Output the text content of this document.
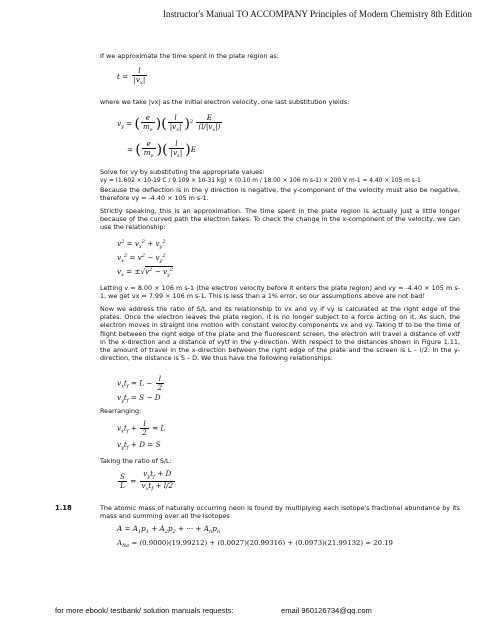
Instructor's Manual TO ACCOMPANY Principles of Modern Chemistry 8th Edition
If we approximate the time spent in the plate region as:
$t = \frac{l}{|v_x|}$
where we take |vx| as the initial electron velocity, one last substitution yields:
$v_y$ = ( $\frac{e}{m_e}$ )( $\frac{l}{|v_x|} )^2 \frac{E}{(l/|v_x|)}$
= ( $\frac{e}{m_e}$ )( $\frac{l}{|v_x|} )E$
Solve for vy by substituting the appropriate values:
vy = (1.602 × 10-19 C / 9.109 × 10-31 kg) × (0.10 m / 18.00 × 106 m s-1) × 200 V m-1 = 4.40 × 105 m s-1
Because the deflection is in the y direction is negative, the y-component of the velocity must also be negative, therefore vy = -4.40 × 105 m s-1.
Strictly speaking, this is an approximation. The time spent in the plate region is actually just a little longer because of the curved path the electron takes. To check the change in the x-component of the velocity, we can use the relationship:
$v^2 = v_x^2 + v_y^2$
$v_x^2 = v^2 - v_y^2$
$v_x = \pm√v^2 - v_y^2$
Letting v = 8.00 × 106 m s-1 (the electron velocity before it enters the plate region) and vy = -4.40 × 105 m s-1, we get vx = 7.99 × 106 m s-1. This is less than a 1% error, so our assumptions above are not bad!
Now we address the ratio of S/L and its relationship to vx and vy if vy is calculated at the right edge of the plates. Once the electron leaves the plate region, it is no longer subject to a force acting on it. As such, the electron moves in straight line motion with constant velocity components vx and vy. Taking tf to be the time of flight between the right edge of the plate and the fluorescent screen, the electron will travel a distance of vxtf in the x-direction and a distance of vytf in the y-direction. With respect to the distances shown in Figure 1.11, the amount of travel in the x-direction between the right edge of the plate and the screen is L – l/2. In the y-direction, the distance is S – D. We thus have the following relationships:
$v_xt_f = L - \frac{l}{2}$
$v_yt_f = S - D$
Rearranging:
$v_xt_f + \frac{l}{2} = L$
$v_yt_f + D = S$
Taking the ratio of S/L:
$\frac{S}{L} = \frac{v_yt_f + D}{v_xt_f + l/2}$
1.18	The atomic mass of naturally occurring neon is found by multiplying each isotope's fractional abundance by its mass and summing over all the isotopes
$A = A_1p_1 + A_2p_2$ + ··· + $A_np_n$
$A_{Ne} = (0.9000)(19.99212) + (0.0027)(20.99316) + (0.0973)(21.99132) = 20.19$
for more ebook/ testbank/ solution manuals requests:	email 960126734@qq.com
